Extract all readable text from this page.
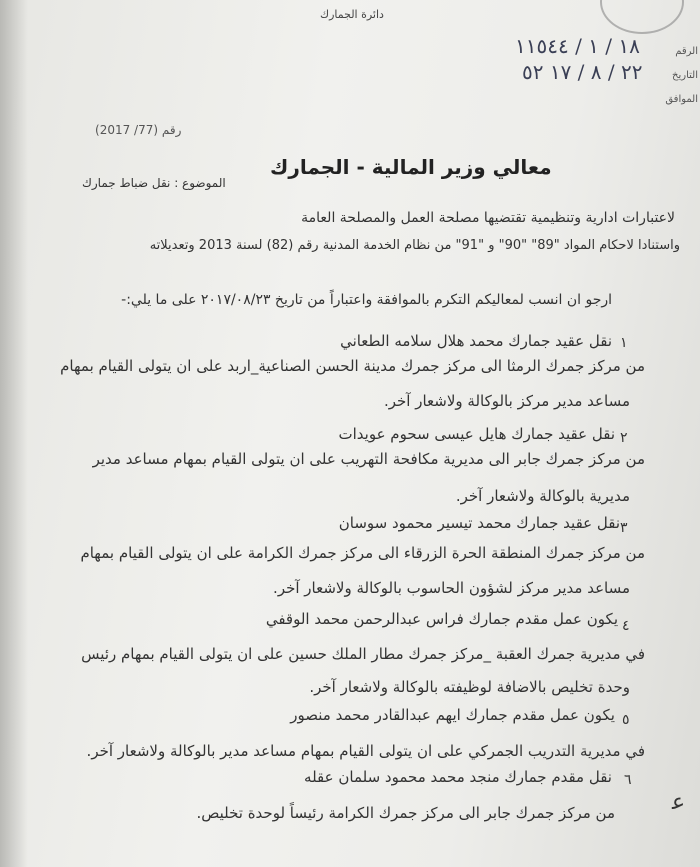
دائرة الجمارك
الرقم
التاريخ
الموافق
١٨ / ١ / ١١٥٤٤
٢٢ / ٨ / ١٧ ٥٢
رقم (77/ 2017)
معالي وزير المالية - الجمارك
الموضوع : نقل ضباط جمارك
لاعتبارات ادارية وتنظيمية تقتضيها مصلحة العمل والمصلحة العامة
واستنادا لاحكام المواد "89" "90" و "91" من نظام الخدمة المدنية رقم (82) لسنة 2013 وتعديلاته
ارجو ان انسب لمعاليكم التكرم بالموافقة واعتباراً من تاريخ ٢٠١٧/٠٨/٢٣ على ما يلي:-
١
نقل عقيد جمارك محمد هلال سلامه الطعاني
من مركز جمرك الرمثا الى مركز جمرك مدينة الحسن الصناعية_اربد على ان يتولى القيام بمهام
مساعد مدير مركز بالوكالة ولاشعار آخر.
٢
نقل عقيد جمارك هايل عيسى سحوم عويدات
من مركز جمرك جابر الى مديرية مكافحة التهريب على ان يتولى القيام بمهام مساعد مدير
مديرية بالوكالة ولاشعار آخر.
٣
نقل عقيد جمارك محمد تيسير محمود سوسان
من مركز جمرك المنطقة الحرة الزرقاء الى مركز جمرك الكرامة على ان يتولى القيام بمهام
مساعد مدير مركز لشؤون الحاسوب بالوكالة ولاشعار آخر.
٤
يكون عمل مقدم جمارك فراس عبدالرحمن محمد الوقفي
في مديرية جمرك العقبة _مركز جمرك مطار الملك حسين على ان يتولى القيام بمهام رئيس
وحدة تخليص بالاضافة لوظيفته بالوكالة ولاشعار آخر.
٥
يكون عمل مقدم جمارك ايهم عبدالقادر محمد منصور
في مديرية التدريب الجمركي على ان يتولى القيام بمهام مساعد مدير بالوكالة ولاشعار آخر.
٦
نقل مقدم جمارك منجد محمد محمود سلمان عقله
من مركز جمرك جابر الى مركز جمرك الكرامة رئيساً لوحدة تخليص.	ﻋ
